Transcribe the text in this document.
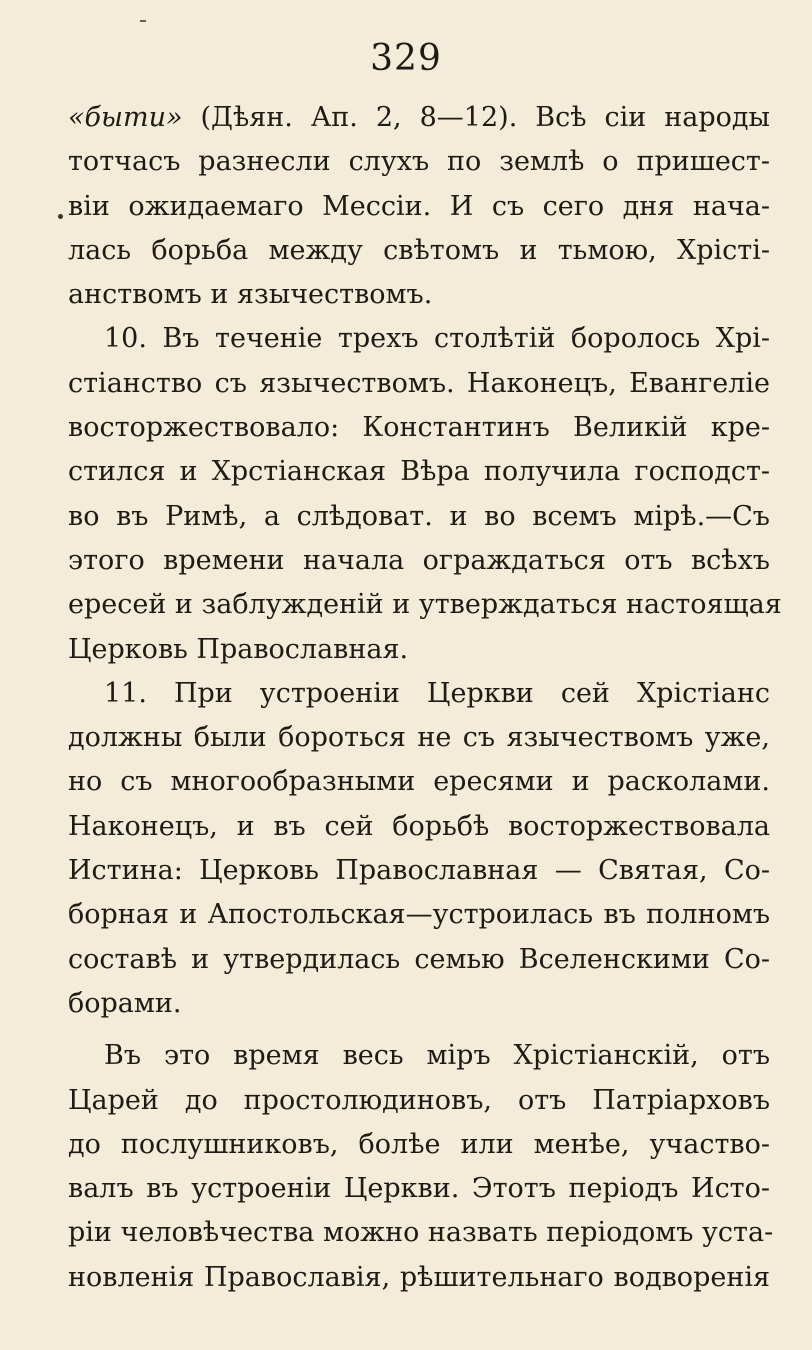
329
«быти» (Дѣян. Ап. 2, 8—12). Всѣ сіи народы
тотчасъ разнесли слухъ по землѣ о пришест-
віи ожидаемаго Мессіи. И съ сего дня нача-
лась борьба между свѣтомъ и тьмою, Хрісті-
анствомъ и язычествомъ.
10. Въ теченіе трехъ столѣтій боролось Хрі-
стіанство съ язычествомъ. Наконецъ, Евангеліе
восторжествовало: Константинъ Великій кре-
стился и Хрстіанская Вѣра получила господст-
во въ Римѣ, а слѣдоват. и во всемъ мірѣ.—Съ
этого времени начала ограждаться отъ всѣхъ
ересей и заблужденій и утверждаться настоящая
Церковь Православная.
11. При устроеніи Церкви сей Хрістіанс
должны были бороться не съ язычествомъ уже,
но съ многообразными ересями и расколами.
Наконецъ, и въ сей борьбѣ восторжествовала
Истина: Церковь Православная — Святая, Со-
борная и Апостольская—устроилась въ полномъ
составѣ и утвердилась семью Вселенскими Со-
борами.
Въ это время весь міръ Хрістіанскій, отъ
Царей до простолюдиновъ, отъ Патріарховъ
до послушниковъ, болѣе или менѣе, участво-
валъ въ устроеніи Церкви. Этотъ періодъ Исто-
ріи человѣчества можно назвать періодомъ уста-
новленія Православія, рѣшительнаго водворенія
